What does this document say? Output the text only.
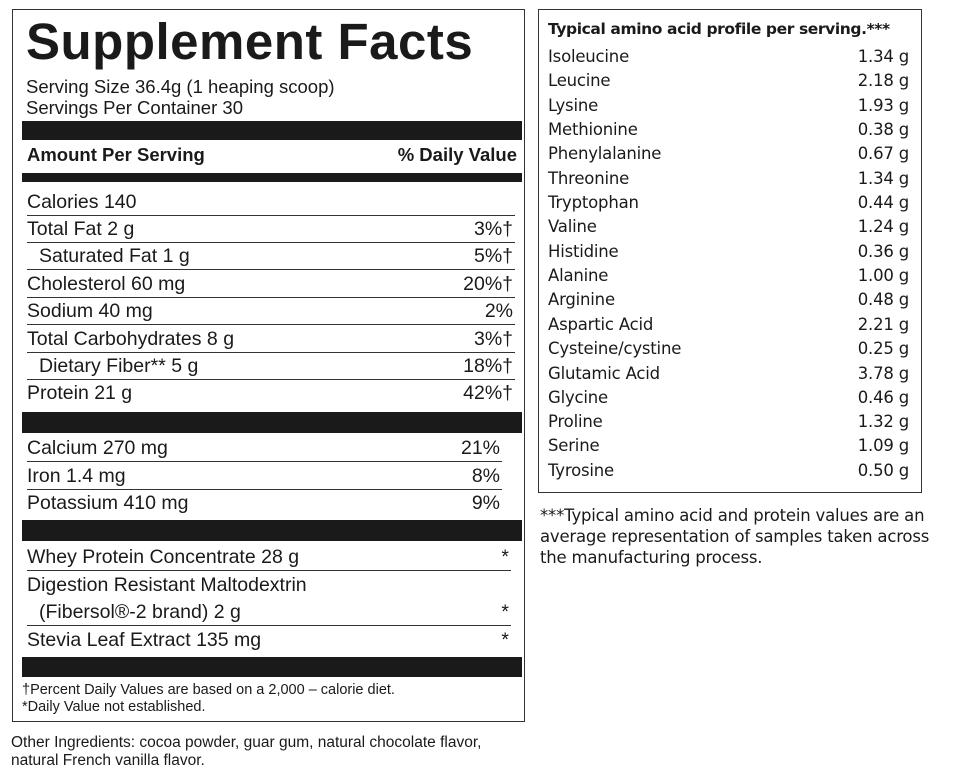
Supplement Facts
Serving Size 36.4g (1 heaping scoop)
Servings Per Container 30
Amount Per Serving	% Daily Value
Calories 140
Total Fat 2 g	3%†
Saturated Fat 1 g	5%†
Cholesterol 60 mg	20%†
Sodium 40 mg	2%
Total Carbohydrates 8 g	3%†
Dietary Fiber** 5 g	18%†
Protein 21 g	42%†
Calcium 270 mg	21%
Iron 1.4 mg	8%
Potassium 410 mg	9%
Whey Protein Concentrate 28 g	*
Digestion Resistant Maltodextrin
(Fibersol®-2 brand) 2 g	*
Stevia Leaf Extract 135 mg	*
†Percent Daily Values are based on a 2,000 – calorie diet.
*Daily Value not established.
Other Ingredients: cocoa powder, guar gum, natural chocolate flavor,
natural French vanilla flavor.
Typical amino acid profile per serving.***
Isoleucine	1.34 g
Leucine	2.18 g
Lysine	1.93 g
Methionine	0.38 g
Phenylalanine	0.67 g
Threonine	1.34 g
Tryptophan	0.44 g
Valine	1.24 g
Histidine	0.36 g
Alanine	1.00 g
Arginine	0.48 g
Aspartic Acid	2.21 g
Cysteine/cystine	0.25 g
Glutamic Acid	3.78 g
Glycine	0.46 g
Proline	1.32 g
Serine	1.09 g
Tyrosine	0.50 g
***Typical amino acid and protein values are an
average representation of samples taken across
the manufacturing process.
